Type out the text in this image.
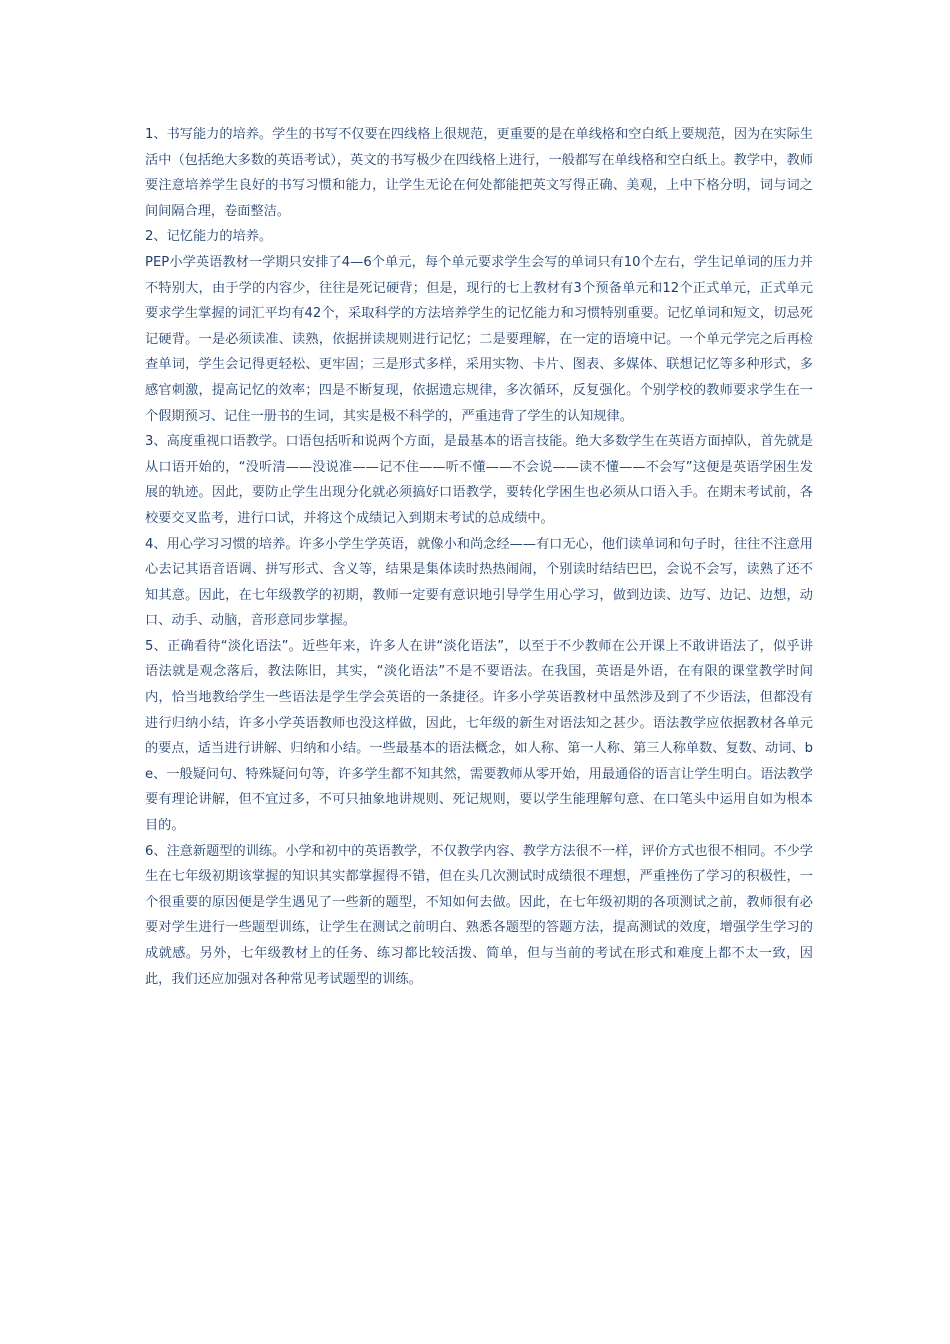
1、书写能力的培养。学生的书写不仅要在四线格上很规范，更重要的是在单线格和空白纸上要规范，因为在实际生活中（包括绝大多数的英语考试），英文的书写极少在四线格上进行，一般都写在单线格和空白纸上。教学中，教师要注意培养学生良好的书写习惯和能力，让学生无论在何处都能把英文写得正确、美观，上中下格分明，词与词之间间隔合理，卷面整洁。

2、记忆能力的培养。

PEP小学英语教材一学期只安排了4—6个单元，每个单元要求学生会写的单词只有10个左右，学生记单词的压力并不特别大，由于学的内容少，往往是死记硬背；但是，现行的七上教材有3个预备单元和12个正式单元，正式单元要求学生掌握的词汇平均有42个，采取科学的方法培养学生的记忆能力和习惯特别重要。记忆单词和短文，切忌死记硬背。一是必须读准、读熟，依据拼读规则进行记忆；二是要理解，在一定的语境中记。一个单元学完之后再检查单词，学生会记得更轻松、更牢固；三是形式多样，采用实物、卡片、图表、多媒体、联想记忆等多种形式，多感官刺激，提高记忆的效率；四是不断复现，依据遗忘规律，多次循环，反复强化。个别学校的教师要求学生在一个假期预习、记住一册书的生词，其实是极不科学的，严重违背了学生的认知规律。

3、高度重视口语教学。口语包括听和说两个方面，是最基本的语言技能。绝大多数学生在英语方面掉队，首先就是从口语开始的，“没听清——没说准——记不住——听不懂——不会说——读不懂——不会写”这便是英语学困生发展的轨迹。因此，要防止学生出现分化就必须搞好口语教学，要转化学困生也必须从口语入手。在期末考试前，各校要交叉监考，进行口试，并将这个成绩记入到期末考试的总成绩中。

4、用心学习习惯的培养。许多小学生学英语，就像小和尚念经——有口无心，他们读单词和句子时，往往不注意用心去记其语音语调、拼写形式、含义等，结果是集体读时热热闹闹，个别读时结结巴巴，会说不会写，读熟了还不知其意。因此，在七年级教学的初期，教师一定要有意识地引导学生用心学习，做到边读、边写、边记、边想，动口、动手、动脑，音形意同步掌握。

5、正确看待“淡化语法”。近些年来，许多人在讲“淡化语法”，以至于不少教师在公开课上不敢讲语法了，似乎讲语法就是观念落后，教法陈旧，其实，“淡化语法”不是不要语法。在我国，英语是外语，在有限的课堂教学时间内，恰当地教给学生一些语法是学生学会英语的一条捷径。许多小学英语教材中虽然涉及到了不少语法，但都没有进行归纳小结，许多小学英语教师也没这样做，因此，七年级的新生对语法知之甚少。语法教学应依据教材各单元的要点，适当进行讲解、归纳和小结。一些最基本的语法概念，如人称、第一人称、第三人称单数、复数、动词、be、一般疑问句、特殊疑问句等，许多学生都不知其然，需要教师从零开始，用最通俗的语言让学生明白。语法教学要有理论讲解，但不宜过多，不可只抽象地讲规则、死记规则，要以学生能理解句意、在口笔头中运用自如为根本目的。

6、注意新题型的训练。小学和初中的英语教学，不仅教学内容、教学方法很不一样，评价方式也很不相同。不少学生在七年级初期该掌握的知识其实都掌握得不错，但在头几次测试时成绩很不理想，严重挫伤了学习的积极性，一个很重要的原因便是学生遇见了一些新的题型，不知如何去做。因此，在七年级初期的各项测试之前，教师很有必要对学生进行一些题型训练，让学生在测试之前明白、熟悉各题型的答题方法，提高测试的效度，增强学生学习的成就感。另外，七年级教材上的任务、练习都比较活拨、简单，但与当前的考试在形式和难度上都不太一致，因此，我们还应加强对各种常见考试题型的训练。
